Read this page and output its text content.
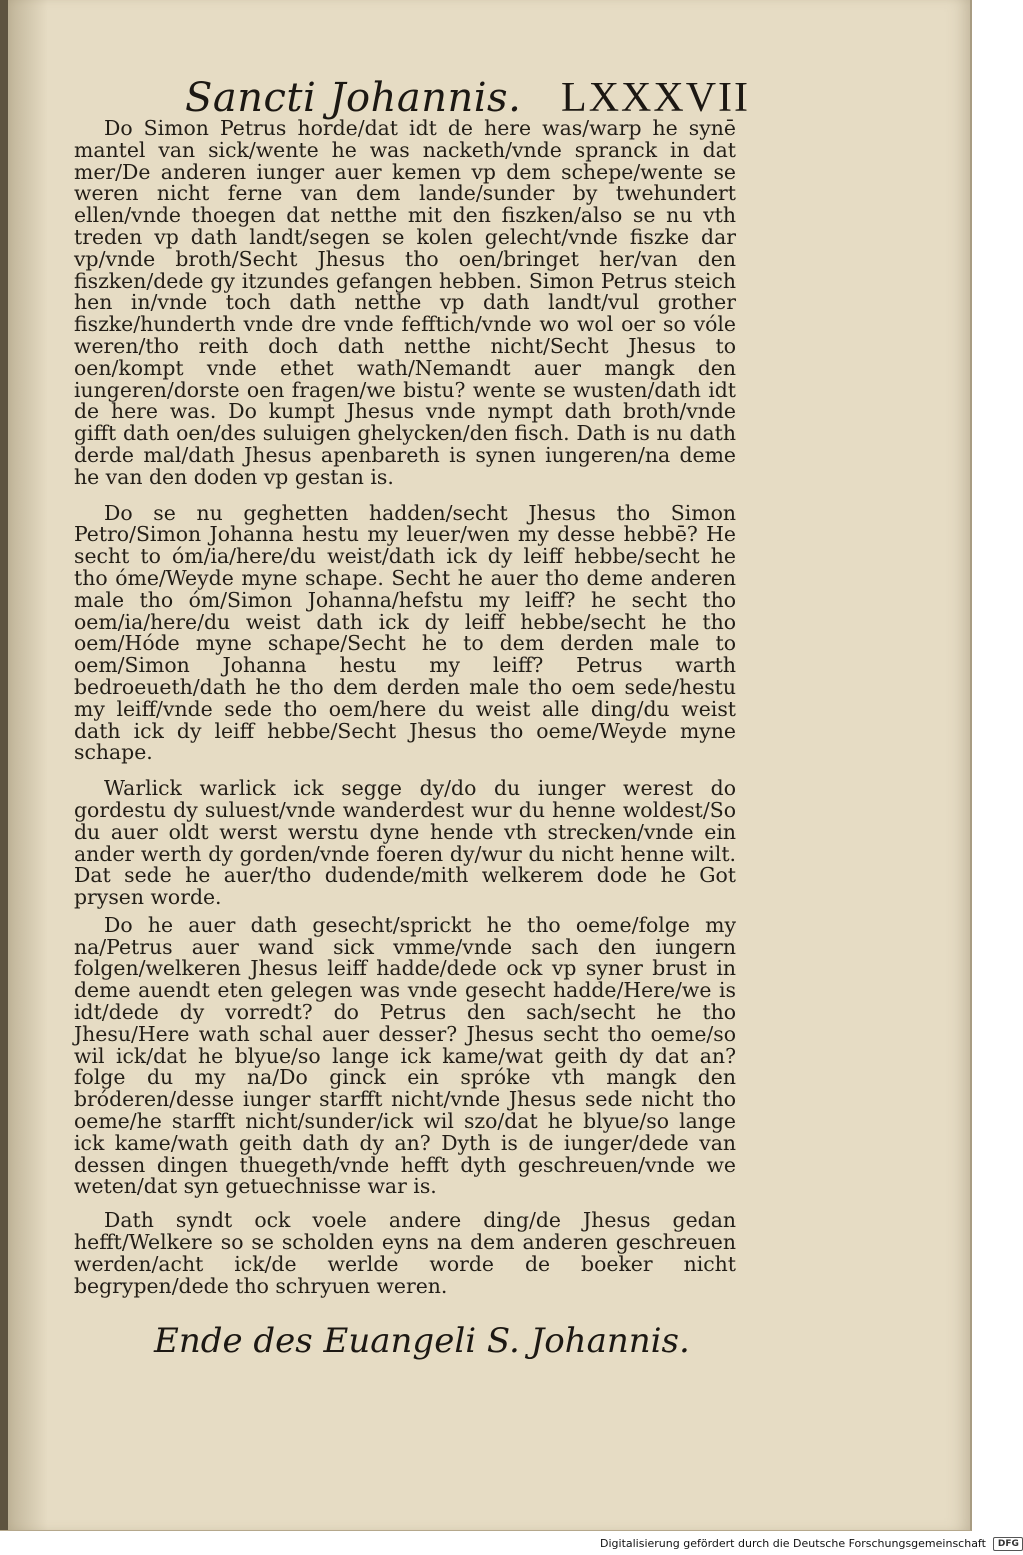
Sancti Johannis. LXXXVII

Do Simon Petrus horde/dat idt de here was/warp he synē mantel van sick/wente he was nacketh/vnde spranck in dat mer/De anderen iunger auer kemen vp dem schepe/wente se weren nicht ferne van dem lande/sunder by twehundert ellen/vnde thoegen dat netthe mit den fiszken/also se nu vth treden vp dath landt/segen se kolen gelecht/vnde fiszke dar vp/vnde broth/Secht Jhesus tho oen/bringet her/van den fiszken/dede gy itzundes gefangen hebben. Simon Petrus steich hen in/vnde toch dath netthe vp dath landt/vul grother fiszke/hunderth vnde dre vnde fefftich/vnde wo wol oer so vóle weren/tho reith doch dath netthe nicht/Secht Jhesus to oen/kompt vnde ethet wath/Nemandt auer mangk den iungeren/dorste oen fragen/we bistu? wente se wusten/dath idt de here was. Do kumpt Jhesus vnde nympt dath broth/vnde gifft dath oen/des suluigen ghelycken/den fisch. Dath is nu dath derde mal/dath Jhesus apenbareth is synen iungeren/na deme he van den doden vp gestan is.

Do se nu geghetten hadden/secht Jhesus tho Simon Petro/Simon Johanna hestu my leuer/wen my desse hebbē? He secht to óm/ia/here/du weist/dath ick dy leiff hebbe/secht he tho óme/Weyde myne schape. Secht he auer tho deme anderen male tho óm/Simon Johanna/hefstu my leiff? he secht tho oem/ia/here/du weist dath ick dy leiff hebbe/secht he tho oem/Hóde myne schape/Secht he to dem derden male to oem/Simon Johanna hestu my leiff? Petrus warth bedroeueth/dath he tho dem derden male tho oem sede/hestu my leiff/vnde sede tho oem/here du weist alle ding/du weist dath ick dy leiff hebbe/Secht Jhesus tho oeme/Weyde myne schape.

Warlick warlick ick segge dy/do du iunger werest do gordestu dy suluest/vnde wanderdest wur du henne woldest/So du auer oldt werst werstu dyne hende vth strecken/vnde ein ander werth dy gorden/vnde foeren dy/wur du nicht henne wilt. Dat sede he auer/tho dudende/mith welkerem dode he Got prysen worde.

Do he auer dath gesecht/sprickt he tho oeme/folge my na/Petrus auer wand sick vmme/vnde sach den iungern folgen/welkeren Jhesus leiff hadde/dede ock vp syner brust in deme auendt eten gelegen was vnde gesecht hadde/Here/we is idt/dede dy vorredt? do Petrus den sach/secht he tho Jhesu/Here wath schal auer desser? Jhesus secht tho oeme/so wil ick/dat he blyue/so lange ick kame/wat geith dy dat an? folge du my na/Do ginck ein spróke vth mangk den bróderen/desse iunger starfft nicht/vnde Jhesus sede nicht tho oeme/he starfft nicht/sunder/ick wil szo/dat he blyue/so lange ick kame/wath geith dath dy an? Dyth is de iunger/dede van dessen dingen thuegeth/vnde hefft dyth geschreuen/vnde we weten/dat syn getuechnisse war is.

Dath syndt ock voele andere ding/de Jhesus gedan hefft/Welkere so se scholden eyns na dem anderen geschreuen werden/acht ick/de werlde worde de boeker nicht begrypen/dede tho schryuen weren.

Ende des Euangeli S. Johannis.
Digitalisierung gefördert durch die Deutsche Forschungsgemeinschaft DFG
